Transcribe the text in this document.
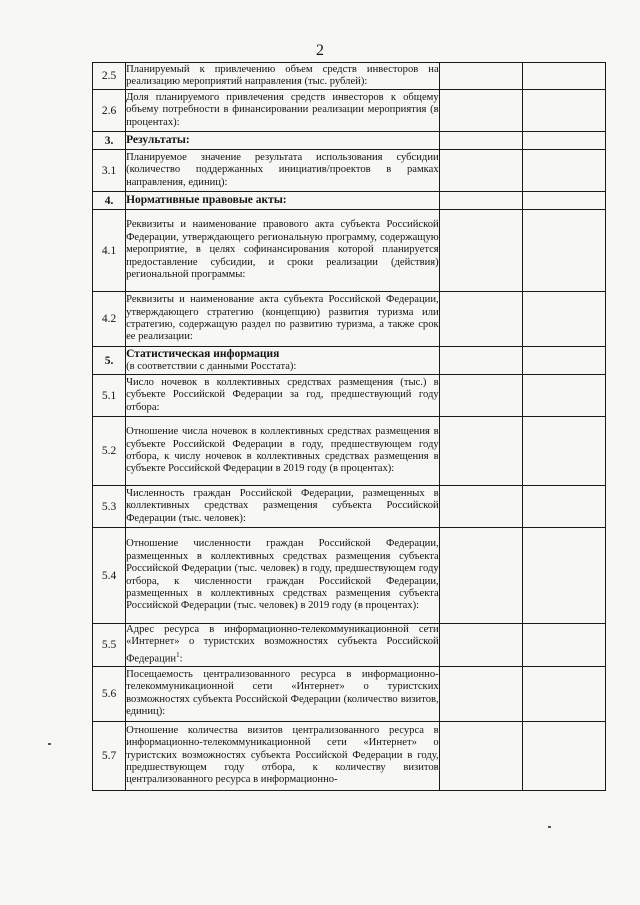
2
2.5	Планируемый к привлечению объем средств инвесторов на реализацию мероприятий направления (тыс. рублей):		
2.6	Доля планируемого привлечения средств инвесторов к общему объему потребности в финансировании реализации мероприятия (в процентах):		
3.	Результаты:		
3.1	Планируемое значение результата использования субсидии (количество поддержанных инициатив/проектов в рамках направления, единиц):		
4.	Нормативные правовые акты:		
4.1	Реквизиты и наименование правового акта субъекта Российской Федерации, утверждающего региональную программу, содержащую мероприятие, в целях софинансирования которой планируется предоставление субсидии, и сроки реализации (действия) региональной программы:		
4.2	Реквизиты и наименование акта субъекта Российской Федерации, утверждающего стратегию (концепцию) развития туризма или стратегию, содержащую раздел по развитию туризма, а также срок ее реализации:		
5.	Статистическая информация
(в соответствии с данными Росстата):		

5.1	Число ночевок в коллективных средствах размещения (тыс.) в субъекте Российской Федерации за год, предшествующий году отбора:		
5.2	Отношение числа ночевок в коллективных средствах размещения в субъекте Российской Федерации в году, предшествующем году отбора, к числу ночевок в коллективных средствах размещения в субъекте Российской Федерации в 2019 году (в процентах):		
5.3	Численность граждан Российской Федерации, размещенных в коллективных средствах размещения субъекта Российской Федерации (тыс. человек):		
5.4	Отношение численности граждан Российской Федерации, размещенных в коллективных средствах размещения субъекта Российской Федерации (тыс. человек) в году, предшествующем году отбора, к численности граждан Российской Федерации, размещенных в коллективных средствах размещения субъекта Российской Федерации (тыс. человек) в 2019 году (в процентах):		
5.5	Адрес ресурса в информационно-телекоммуникационной сети «Интернет» о туристских возможностях субъекта Российской Федерации$^1$:		
5.6	Посещаемость централизованного ресурса в информационно-телекоммуникационной сети «Интернет» о туристских возможностях субъекта Российской Федерации (количество визитов, единиц):		
5.7	Отношение количества визитов централизованного ресурса в информационно-телекоммуникационной сети «Интернет» о туристских возможностях субъекта Российской Федерации в году, предшествующем году отбора, к количеству визитов централизованного ресурса в информационно-		
